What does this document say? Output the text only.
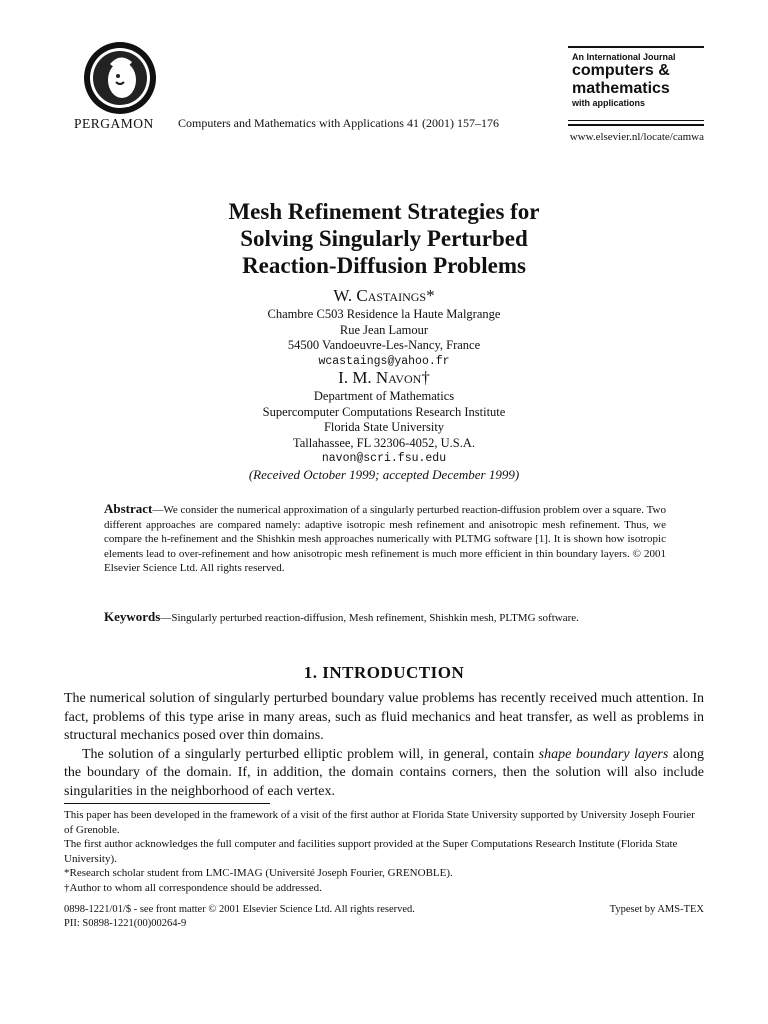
PERGAMON Computers and Mathematics with Applications 41 (2001) 157–176
An International Journal
computers &
mathematics
with applications
www.elsevier.nl/locate/camwa
Mesh Refinement Strategies for
Solving Singularly Perturbed
Reaction-Diffusion Problems
W. Castaings*
Chambre C503 Residence la Haute Malgrange
Rue Jean Lamour
54500 Vandoeuvre-Les-Nancy, France
wcastaings@yahoo.fr
I. M. Navon†
Department of Mathematics
Supercomputer Computations Research Institute
Florida State University
Tallahassee, FL 32306-4052, U.S.A.
navon@scri.fsu.edu
(Received October 1999; accepted December 1999)
Abstract—We consider the numerical approximation of a singularly perturbed reaction-diffusion problem over a square. Two different approaches are compared namely: adaptive isotropic mesh refinement and anisotropic mesh refinement. Thus, we compare the h-refinement and the Shishkin mesh approaches numerically with PLTMG software [1]. It is shown how isotropic elements lead to over-refinement and how anisotropic mesh refinement is much more efficient in thin boundary layers. © 2001 Elsevier Science Ltd. All rights reserved.
Keywords—Singularly perturbed reaction-diffusion, Mesh refinement, Shishkin mesh, PLTMG software.
1. INTRODUCTION

The numerical solution of singularly perturbed boundary value problems has recently received much attention. In fact, problems of this type arise in many areas, such as fluid mechanics and heat transfer, as well as problems in structural mechanics posed over thin domains.

The solution of a singularly perturbed elliptic problem will, in general, contain shape boundary layers along the boundary of the domain. If, in addition, the domain contains corners, then the solution will also include singularities in the neighborhood of each vertex.

This paper has been developed in the framework of a visit of the first author at Florida State University supported by University Joseph Fourier of Grenoble.
The first author acknowledges the full computer and facilities support provided at the Super Computations Research Institute (Florida State University).
*Research scholar student from LMC-IMAG (Université Joseph Fourier, GRENOBLE).
†Author to whom all correspondence should be addressed.
0898-1221/01/$ - see front matter © 2001 Elsevier Science Ltd. All rights reserved.	Typeset by AMS-TEX
PII: S0898-1221(00)00264-9
